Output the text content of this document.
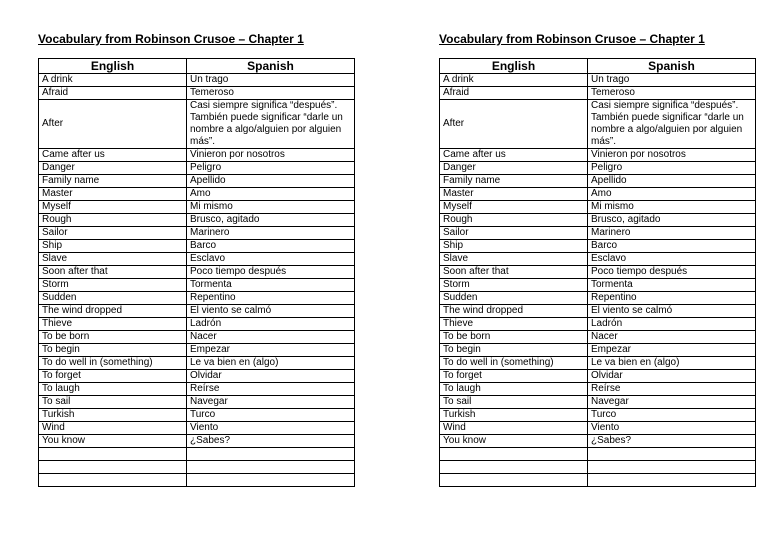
Vocabulary from Robinson Crusoe – Chapter 1
English	Spanish
A drink	Un trago
Afraid	Temeroso
After	Casi siempre significa “después”. También puede significar “darle un nombre a algo/alguien por alguien más”.
Came after us	Vinieron por nosotros
Danger	Peligro
Family name	Apellido
Master	Amo
Myself	Mi mismo
Rough	Brusco, agitado
Sailor	Marinero
Ship	Barco
Slave	Esclavo
Soon after that	Poco tiempo después
Storm	Tormenta
Sudden	Repentino
The wind dropped	El viento se calmó
Thieve	Ladrón
To be born	Nacer
To begin	Empezar
To do well in (something)	Le va bien en (algo)
To forget	Olvidar
To laugh	Reírse
To sail	Navegar
Turkish	Turco
Wind	Viento
You know	¿Sabes?

Vocabulary from Robinson Crusoe – Chapter 1
English	Spanish
A drink	Un trago
Afraid	Temeroso
After	Casi siempre significa “después”. También puede significar “darle un nombre a algo/alguien por alguien más”.
Came after us	Vinieron por nosotros
Danger	Peligro
Family name	Apellido
Master	Amo
Myself	Mi mismo
Rough	Brusco, agitado
Sailor	Marinero
Ship	Barco
Slave	Esclavo
Soon after that	Poco tiempo después
Storm	Tormenta
Sudden	Repentino
The wind dropped	El viento se calmó
Thieve	Ladrón
To be born	Nacer
To begin	Empezar
To do well in (something)	Le va bien en (algo)
To forget	Olvidar
To laugh	Reírse
To sail	Navegar
Turkish	Turco
Wind	Viento
You know	¿Sabes?
